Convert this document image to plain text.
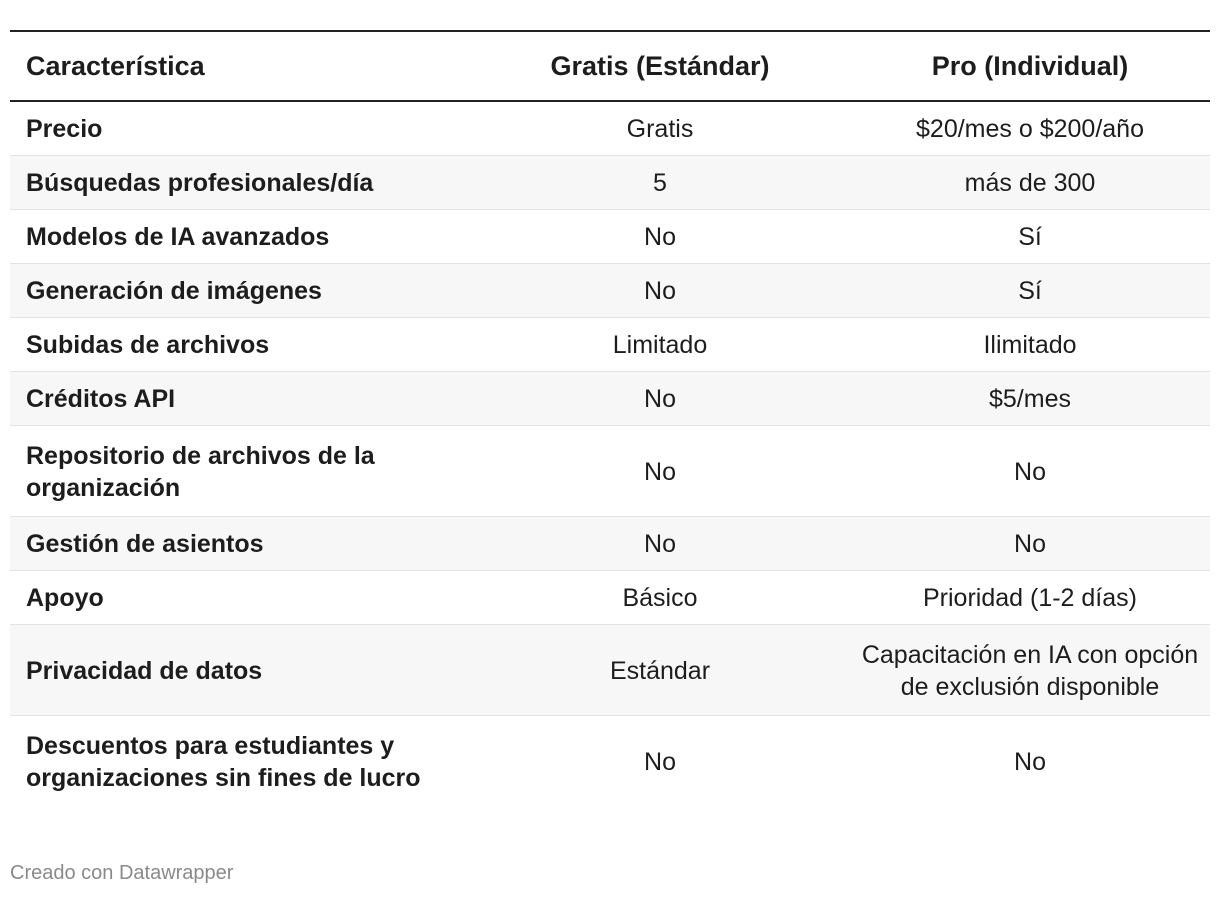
Característica	Gratis (Estándar)	Pro (Individual)
Precio	Gratis	$20/mes o $200/año
Búsquedas profesionales/día	5	más de 300
Modelos de IA avanzados	No	Sí
Generación de imágenes	No	Sí
Subidas de archivos	Limitado	Ilimitado
Créditos API	No	$5/mes
Repositorio de archivos de la organización	No	No
Gestión de asientos	No	No
Apoyo	Básico	Prioridad (1-2 días)
Privacidad de datos	Estándar	Capacitación en IA con opción de exclusión disponible
Descuentos para estudiantes y organizaciones sin fines de lucro	No	No
Creado con Datawrapper
